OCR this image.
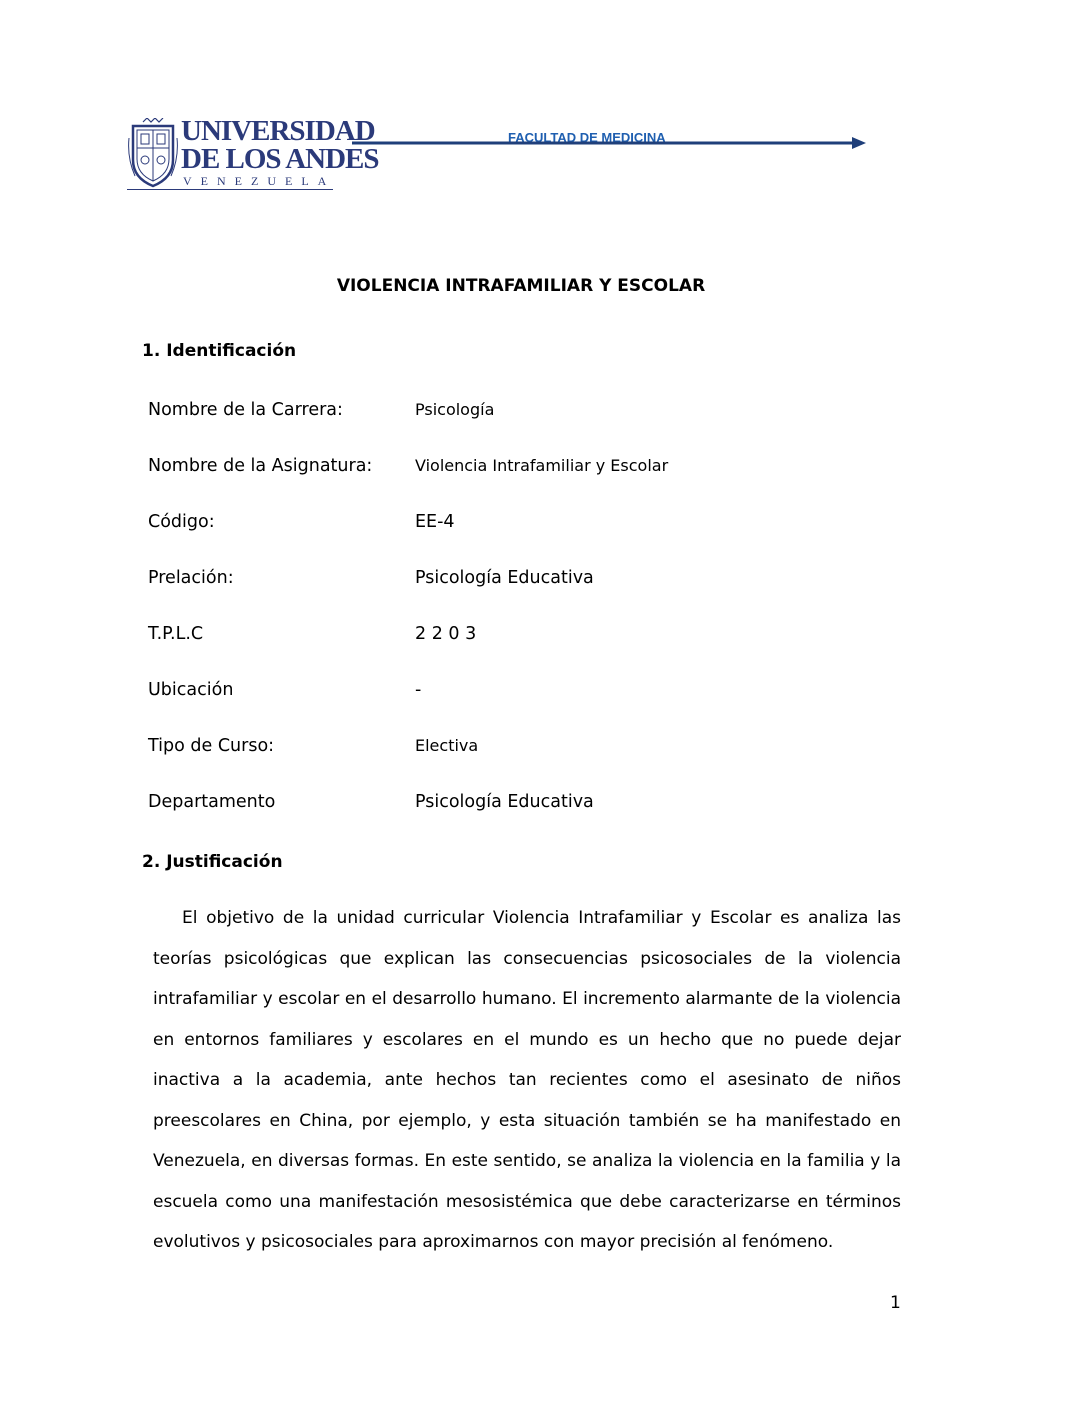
UNIVERSIDAD
DE LOS ANDES
VENEZUELA
FACULTAD DE MEDICINA
VIOLENCIA INTRAFAMILIAR Y ESCOLAR
1. Identificación
Nombre de la Carrera:	Psicología
Nombre de la Asignatura:	Violencia Intrafamiliar y Escolar
Código:	EE-4
Prelación:	Psicología Educativa
T.P.L.C	2 2 0 3
Ubicación	-
Tipo de Curso:	Electiva
Departamento	Psicología Educativa
2. Justificación
El objetivo de la unidad curricular Violencia Intrafamiliar y Escolar es analiza las teorías psicológicas que explican las consecuencias psicosociales de la violencia intrafamiliar y escolar en el desarrollo humano. El incremento alarmante de la violencia en entornos familiares y escolares en el mundo es un hecho que no puede dejar inactiva a la academia, ante hechos tan recientes como el asesinato de niños preescolares en China, por ejemplo, y esta situación también se ha manifestado en Venezuela, en diversas formas. En este sentido, se analiza la violencia en la familia y la escuela como una manifestación mesosistémica que debe caracterizarse en términos evolutivos y psicosociales para aproximarnos con mayor precisión al fenómeno.
1
